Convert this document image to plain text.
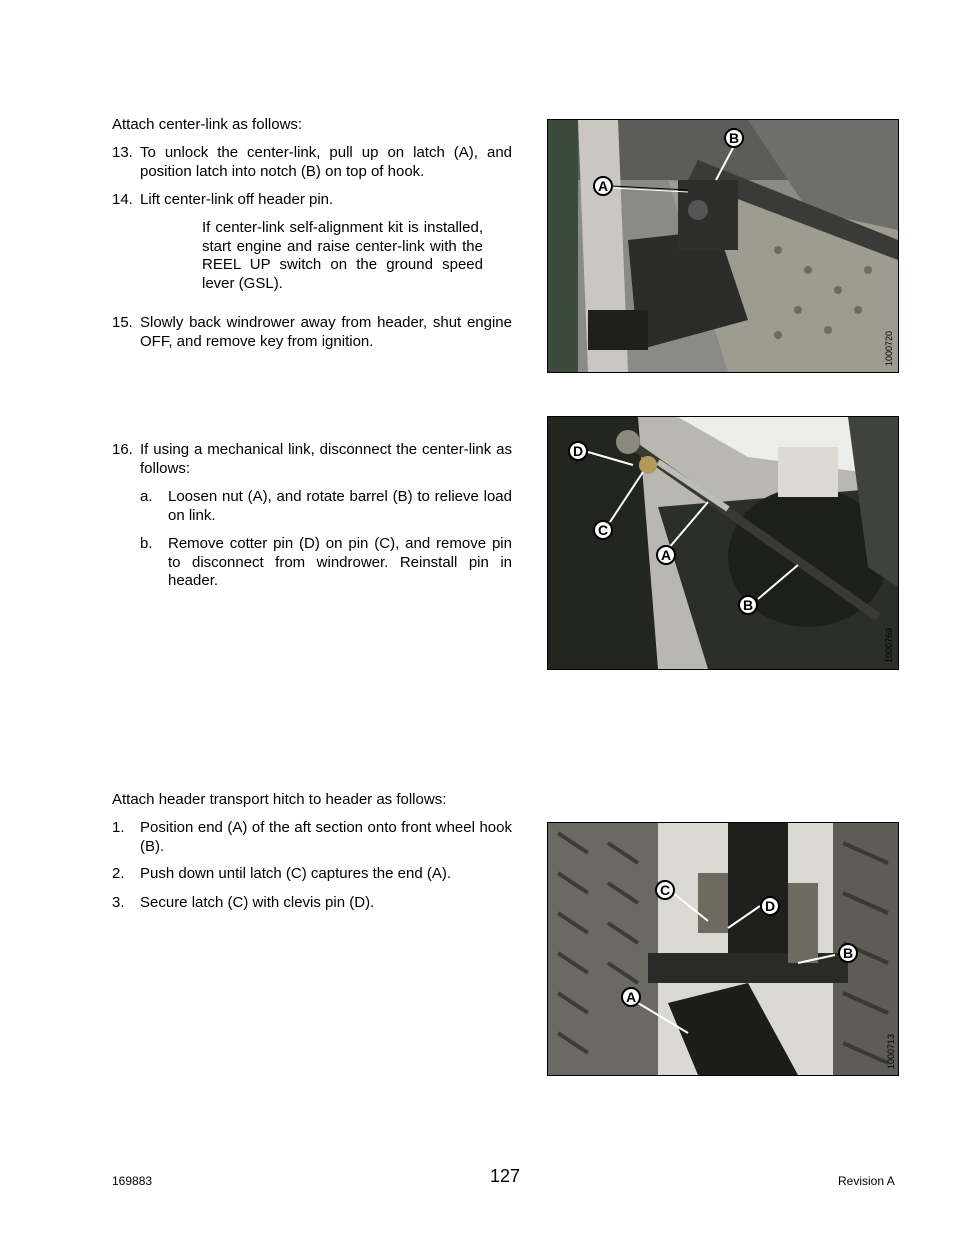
Attach center-link as follows:
13. To unlock the center-link, pull up on latch (A), and position latch into notch (B) on top of hook.
14. Lift center-link off header pin.
If center-link self-alignment kit is installed, start engine and raise center-link with the REEL UP switch on the ground speed lever (GSL).
15. Slowly back windrower away from header, shut engine OFF, and remove key from ignition.
B
A
1000720
16. If using a mechanical link, disconnect the center-link as follows:
a.	Loosen nut (A), and rotate barrel (B) to relieve load on link.
b.	Remove cotter pin (D) on pin (C), and remove pin to disconnect from windrower. Reinstall pin in header.
D
C
A
B
1000769
Attach header transport hitch to header as follows:
1.	Position end (A) of the aft section onto front wheel hook (B).
2.	Push down until latch (C) captures the end (A).
3.	Secure latch (C) with clevis pin (D).
C
D
B
A
1000713
169883	127	Revision A
